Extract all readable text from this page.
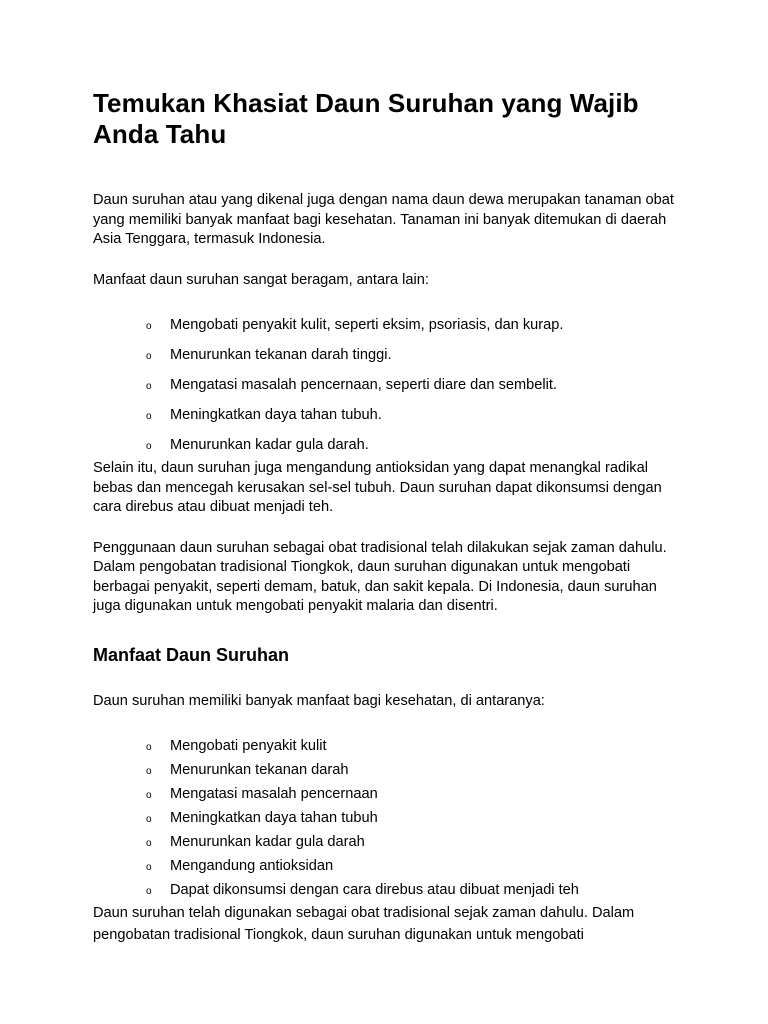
Temukan Khasiat Daun Suruhan yang Wajib Anda Tahu

Daun suruhan atau yang dikenal juga dengan nama daun dewa merupakan tanaman obat yang memiliki banyak manfaat bagi kesehatan. Tanaman ini banyak ditemukan di daerah Asia Tenggara, termasuk Indonesia.

Manfaat daun suruhan sangat beragam, antara lain:

o Mengobati penyakit kulit, seperti eksim, psoriasis, dan kurap.
o Menurunkan tekanan darah tinggi.
o Mengatasi masalah pencernaan, seperti diare dan sembelit.
o Meningkatkan daya tahan tubuh.
o Menurunkan kadar gula darah.

Selain itu, daun suruhan juga mengandung antioksidan yang dapat menangkal radikal bebas dan mencegah kerusakan sel-sel tubuh. Daun suruhan dapat dikonsumsi dengan cara direbus atau dibuat menjadi teh.

Penggunaan daun suruhan sebagai obat tradisional telah dilakukan sejak zaman dahulu. Dalam pengobatan tradisional Tiongkok, daun suruhan digunakan untuk mengobati berbagai penyakit, seperti demam, batuk, dan sakit kepala. Di Indonesia, daun suruhan juga digunakan untuk mengobati penyakit malaria dan disentri.

Manfaat Daun Suruhan

Daun suruhan memiliki banyak manfaat bagi kesehatan, di antaranya:

o Mengobati penyakit kulit
o Menurunkan tekanan darah
o Mengatasi masalah pencernaan
o Meningkatkan daya tahan tubuh
o Menurunkan kadar gula darah
o Mengandung antioksidan
o Dapat dikonsumsi dengan cara direbus atau dibuat menjadi teh

Daun suruhan telah digunakan sebagai obat tradisional sejak zaman dahulu. Dalam pengobatan tradisional Tiongkok, daun suruhan digunakan untuk mengobati
